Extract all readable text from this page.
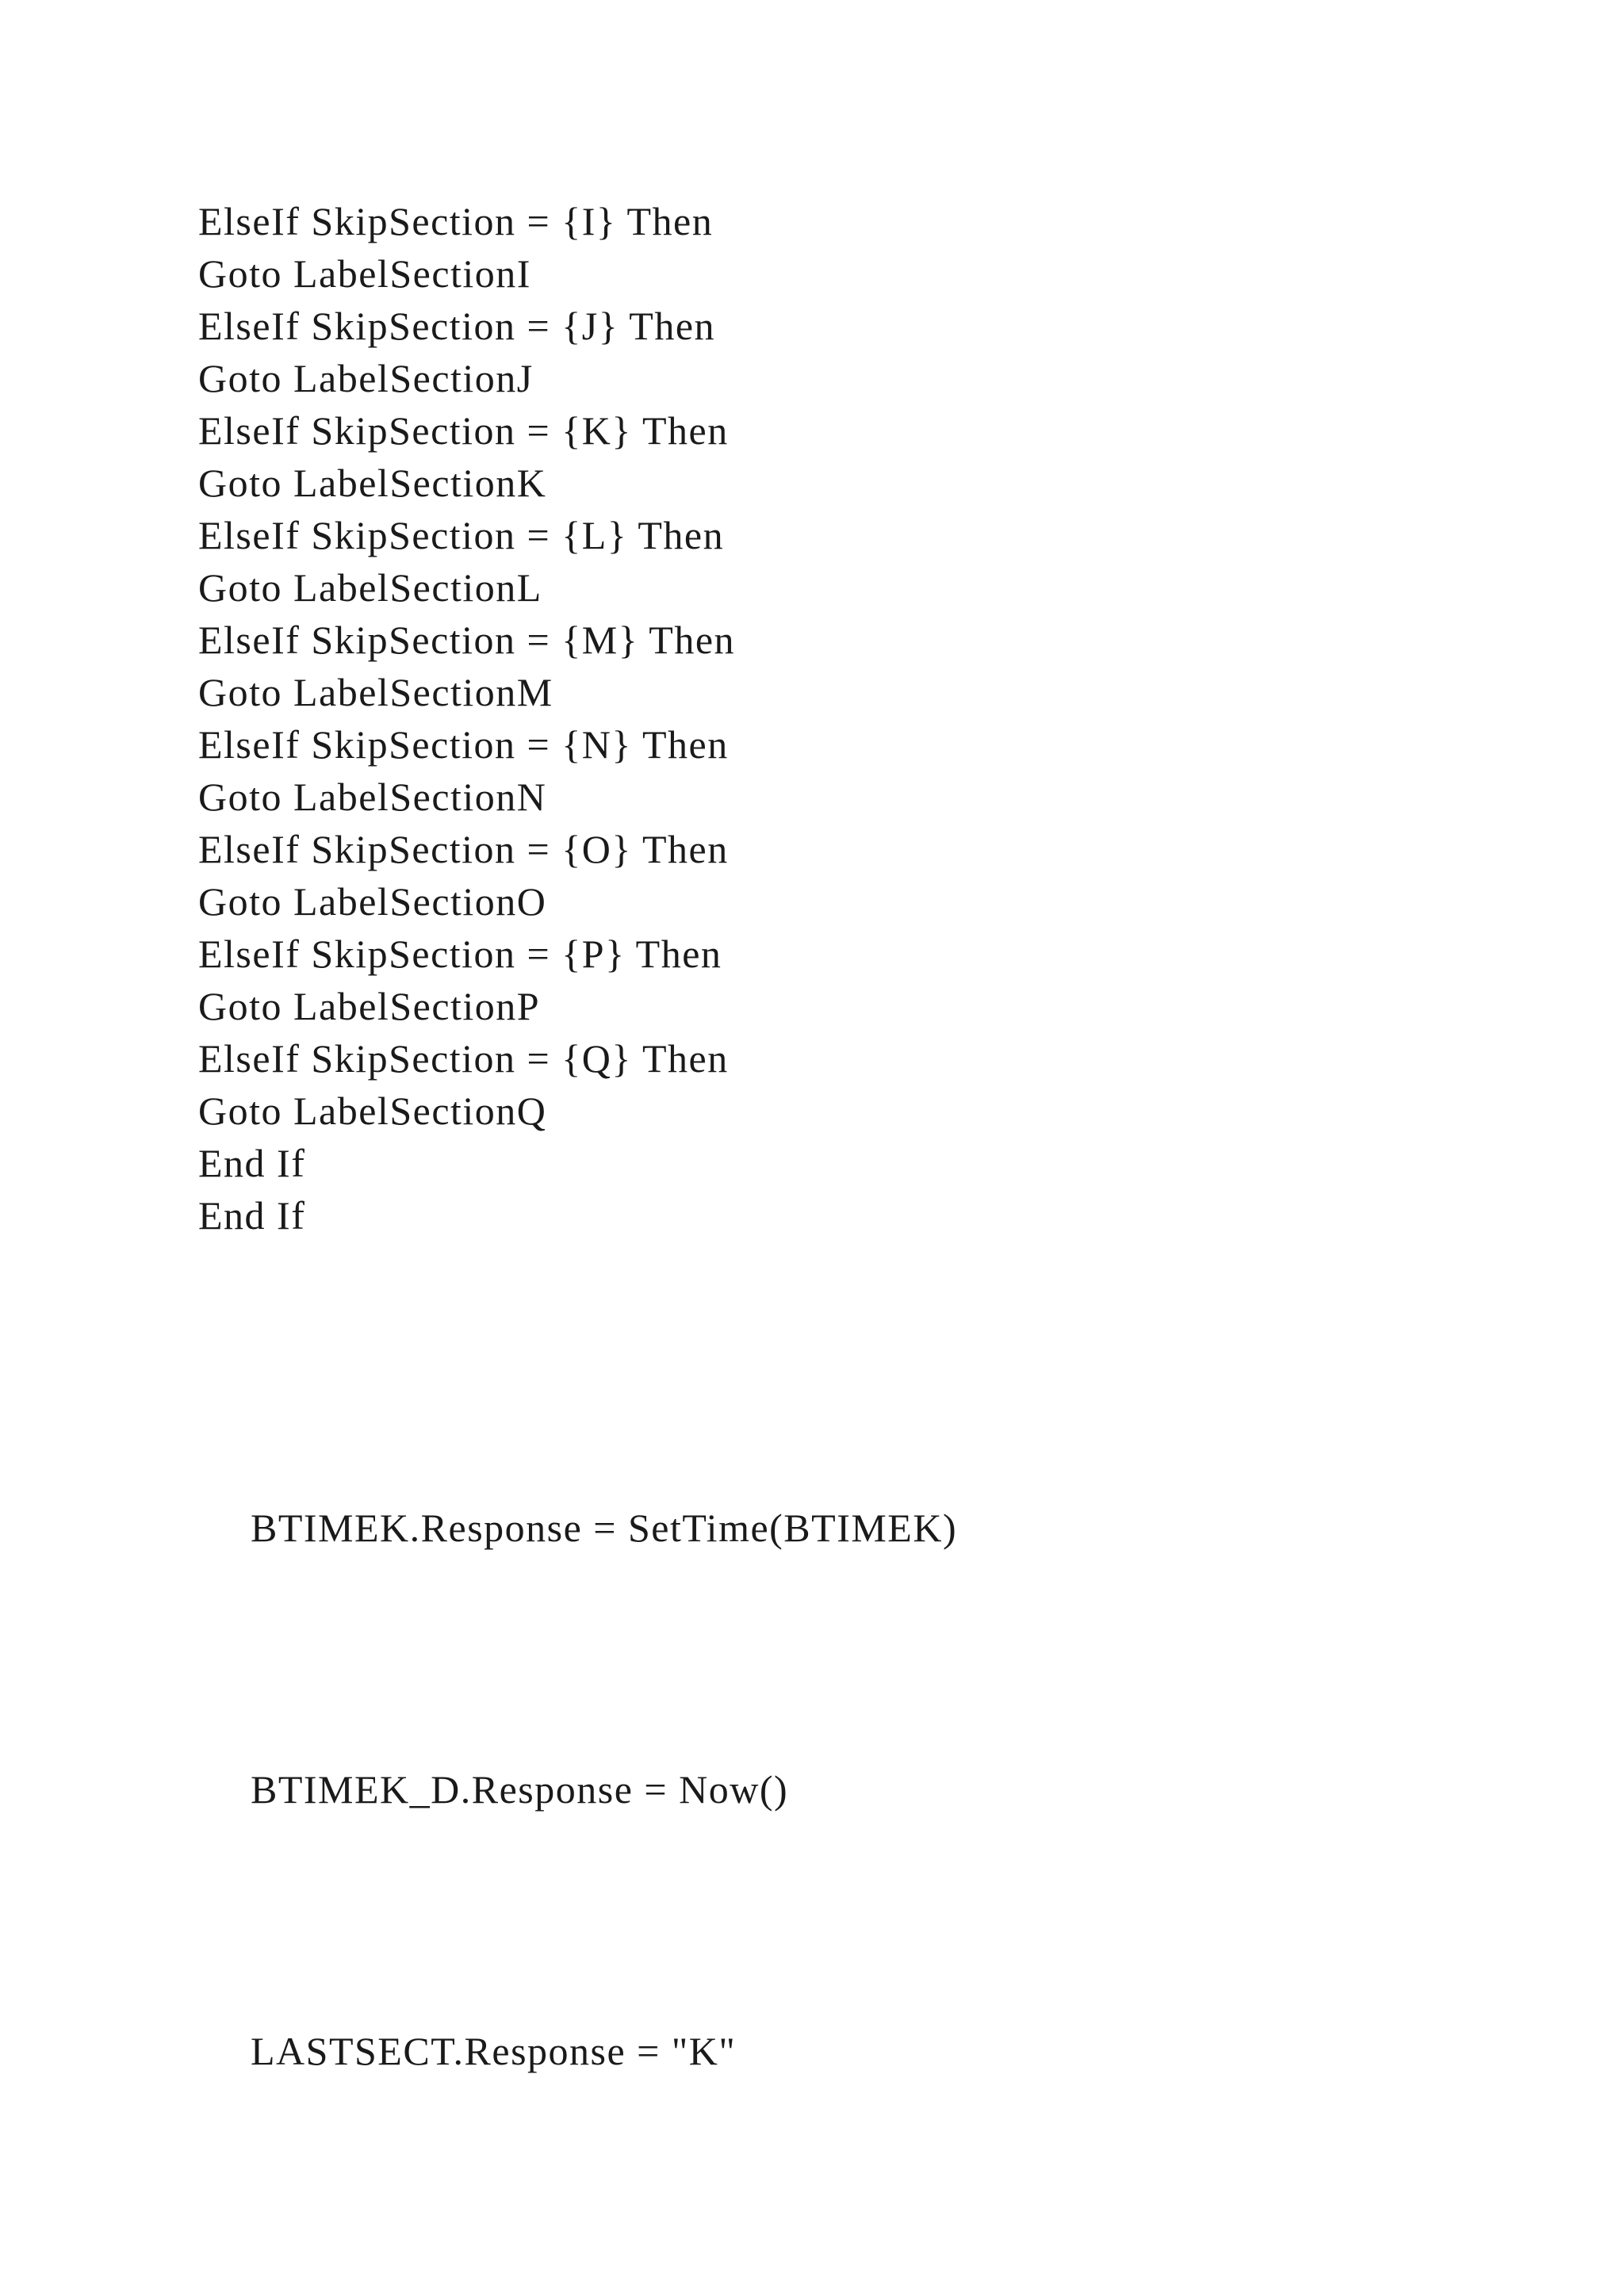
ElseIf SkipSection = {I} Then
Goto LabelSectionI
ElseIf SkipSection = {J} Then
Goto LabelSectionJ
ElseIf SkipSection = {K} Then
Goto LabelSectionK
ElseIf SkipSection = {L} Then
Goto LabelSectionL
ElseIf SkipSection = {M} Then
Goto LabelSectionM
ElseIf SkipSection = {N} Then
Goto LabelSectionN
ElseIf SkipSection = {O} Then
Goto LabelSectionO
ElseIf SkipSection = {P} Then
Goto LabelSectionP
ElseIf SkipSection = {Q} Then
Goto LabelSectionQ
End If
End If

BTIMEK.Response = SetTime(BTIMEK)

BTIMEK_D.Response = Now()

LASTSECT.Response = "K"
